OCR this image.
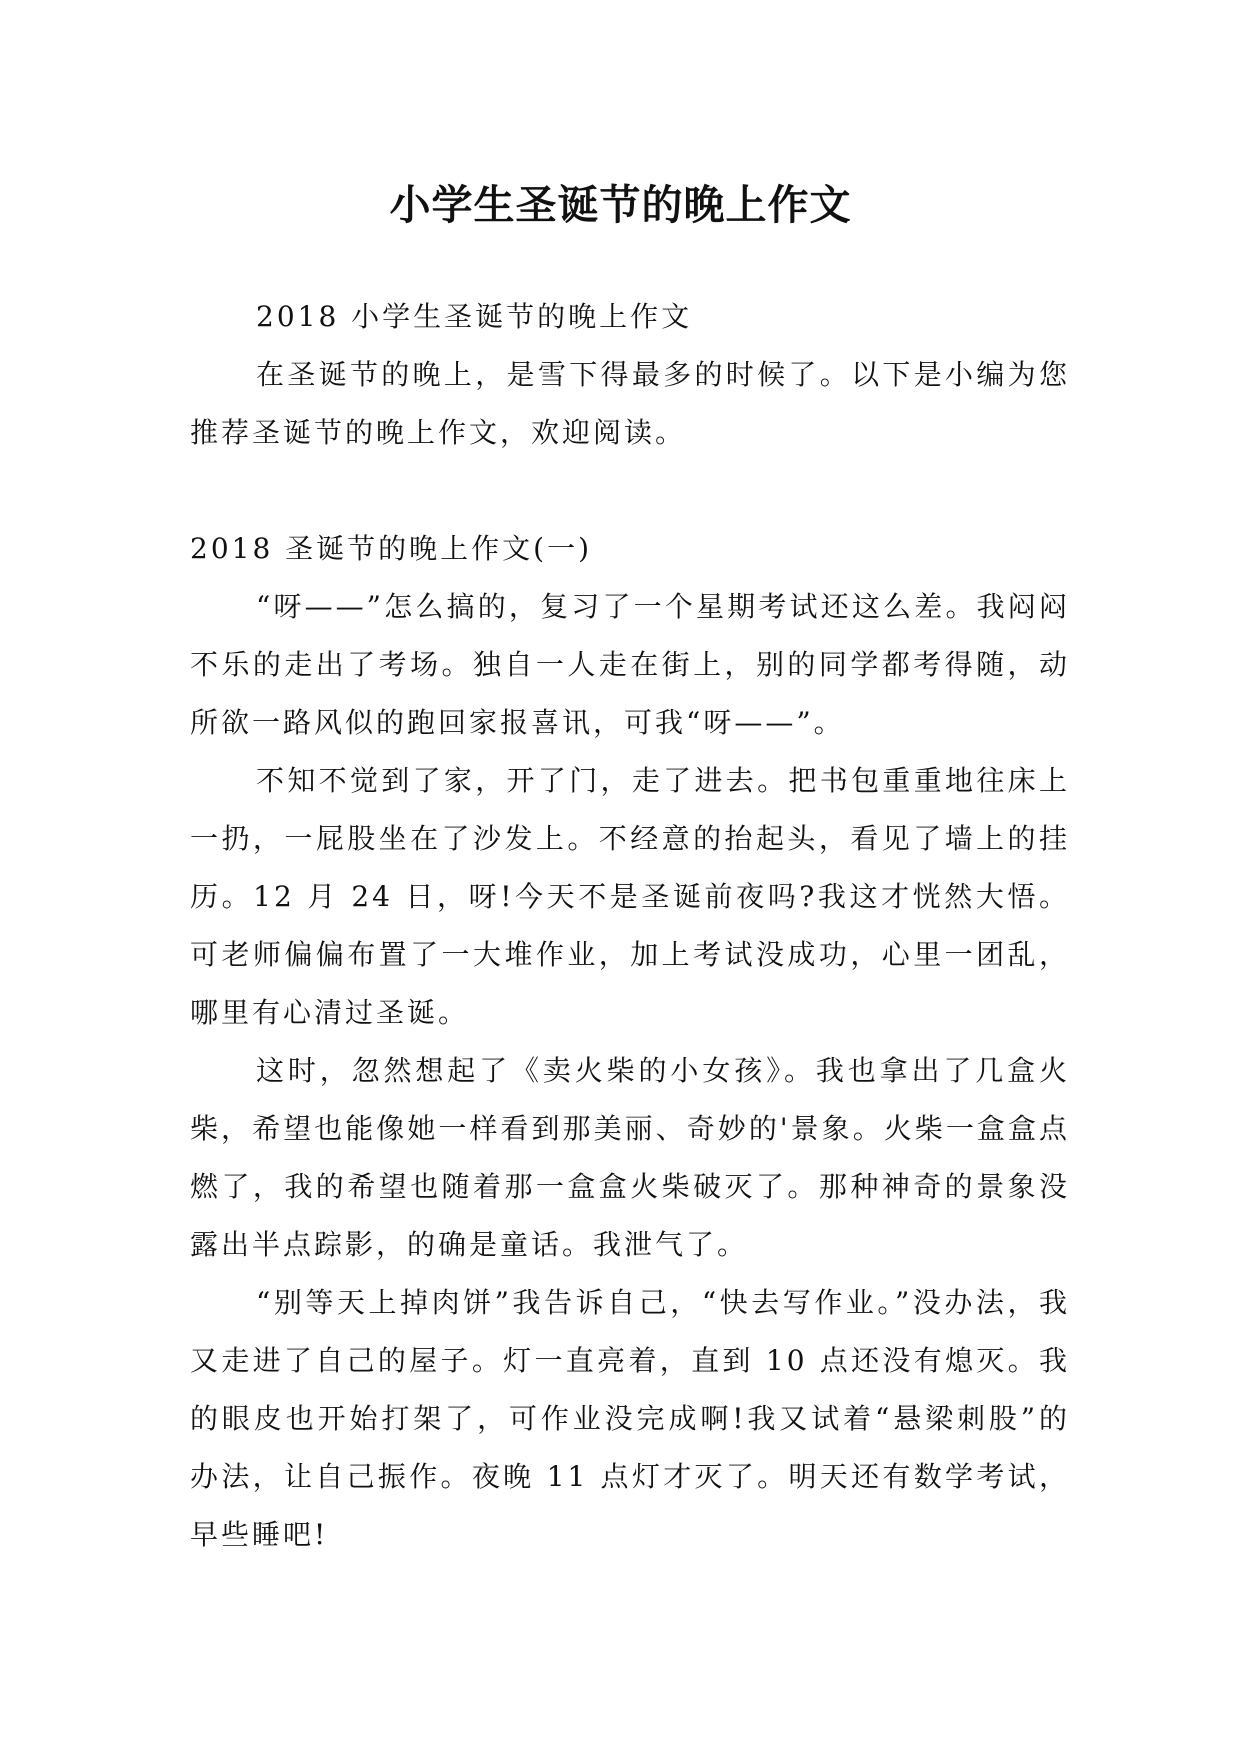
小学生圣诞节的晚上作文

2018 小学生圣诞节的晚上作文

在圣诞节的晚上，是雪下得最多的时候了。以下是小编为您推荐圣诞节的晚上作文，欢迎阅读。

2018 圣诞节的晚上作文(一)

“呀——”怎么搞的，复习了一个星期考试还这么差。我闷闷不乐的走出了考场。独自一人走在街上，别的同学都考得随，动所欲一路风似的跑回家报喜讯，可我“呀——”。

不知不觉到了家，开了门，走了进去。把书包重重地往床上一扔，一屁股坐在了沙发上。不经意的抬起头，看见了墙上的挂历。12 月 24 日，呀!今天不是圣诞前夜吗?我这才恍然大悟。可老师偏偏布置了一大堆作业，加上考试没成功，心里一团乱，哪里有心清过圣诞。

这时，忽然想起了《卖火柴的小女孩》。我也拿出了几盒火柴，希望也能像她一样看到那美丽、奇妙的'景象。火柴一盒盒点燃了，我的希望也随着那一盒盒火柴破灭了。那种神奇的景象没露出半点踪影，的确是童话。我泄气了。

“别等天上掉肉饼”我告诉自己，“快去写作业。”没办法，我又走进了自己的屋子。灯一直亮着，直到 10 点还没有熄灭。我的眼皮也开始打架了，可作业没完成啊!我又试着“悬梁刺股”的办法，让自己振作。夜晚 11 点灯才灭了。明天还有数学考试，早些睡吧!
